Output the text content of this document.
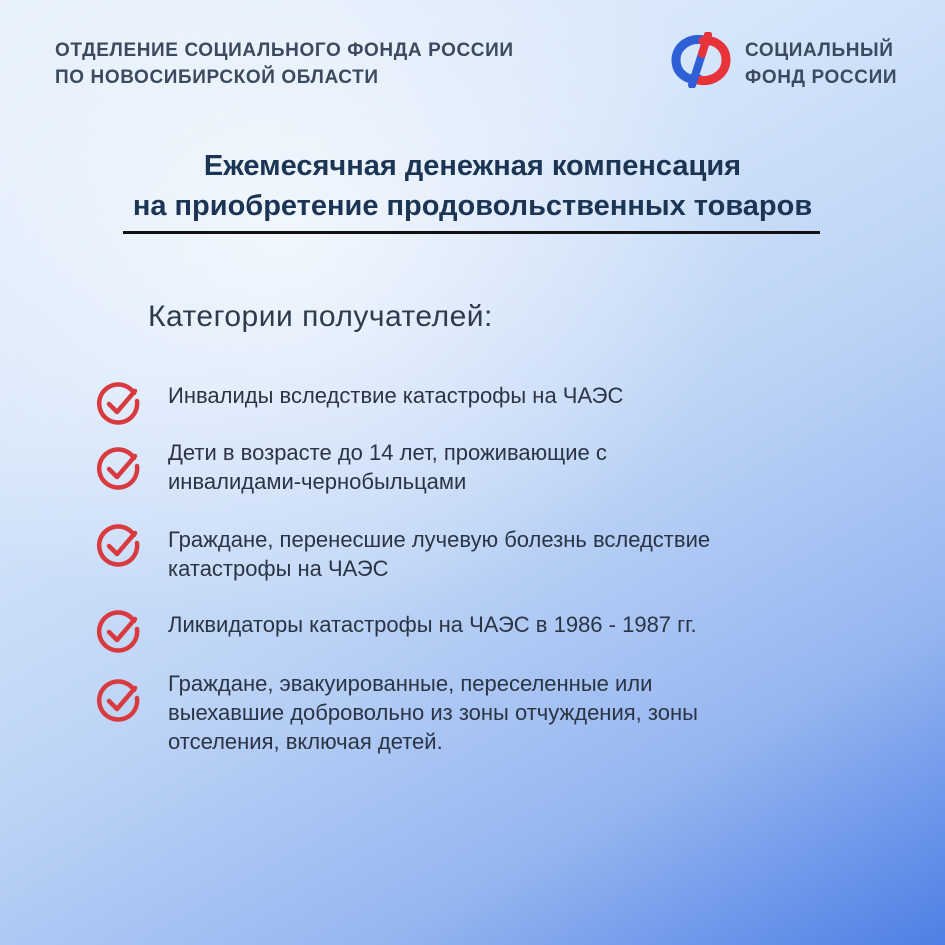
ОТДЕЛЕНИЕ СОЦИАЛЬНОГО ФОНДА РОССИИ
ПО НОВОСИБИРСКОЙ ОБЛАСТИ
СОЦИАЛЬНЫЙ
ФОНД РОССИИ
Ежемесячная денежная компенсация
на приобретение продовольственных товаров
Категории получателей:
Инвалиды вследствие катастрофы на ЧАЭС
Дети в возрасте до 14 лет, проживающие с
инвалидами-чернобыльцами
Граждане, перенесшие лучевую болезнь вследствие
катастрофы на ЧАЭС
Ликвидаторы катастрофы на ЧАЭС в 1986 - 1987 гг.
Граждане, эвакуированные, переселенные или
выехавшие добровольно из зоны отчуждения, зоны
отселения, включая детей.
